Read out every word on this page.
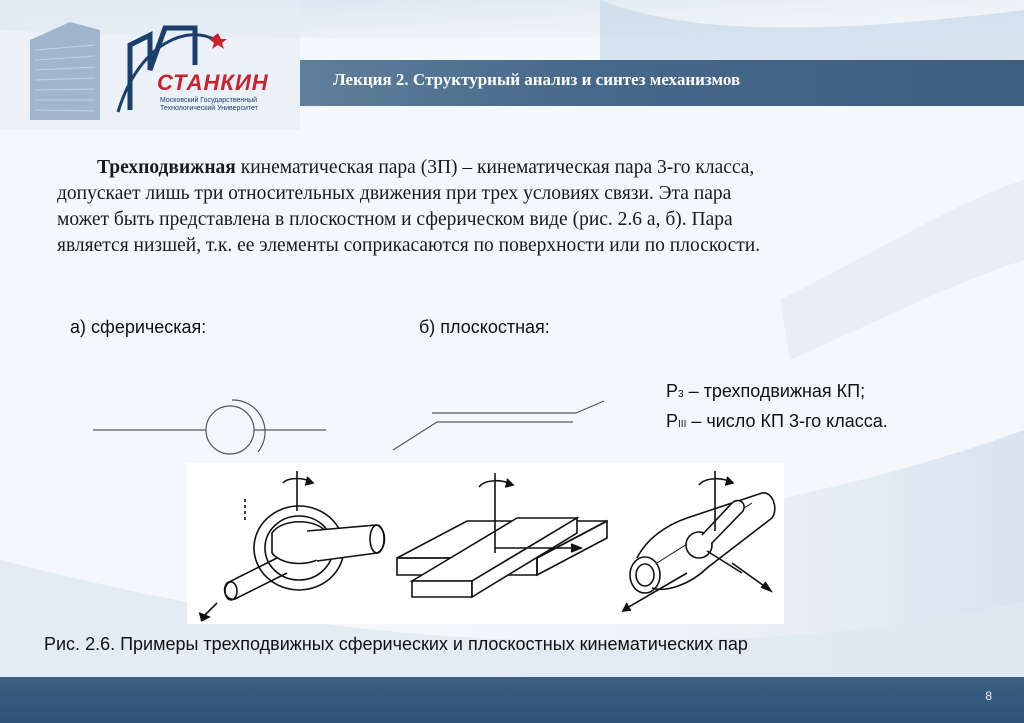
Лекция 2. Структурный анализ и синтез механизмов
СТАНКИН
Московский Государственный
Технологический Университет
Трехподвижная кинематическая пара (3П) – кинематическая пара 3-го класса,
допускает лишь три относительных движения при трех условиях связи. Эта пара
может быть представлена в плоскостном и сферическом виде (рис. 2.6 а, б). Пара
является низшей, т.к. ее элементы соприкасаются по поверхности или по плоскости.
а) сферическая:	б) плоскостная:
Р3 – трехподвижная КП;
РIII – число КП 3-го класса.
Рис. 2.6. Примеры трехподвижных сферических и плоскостных кинематических пар
8
